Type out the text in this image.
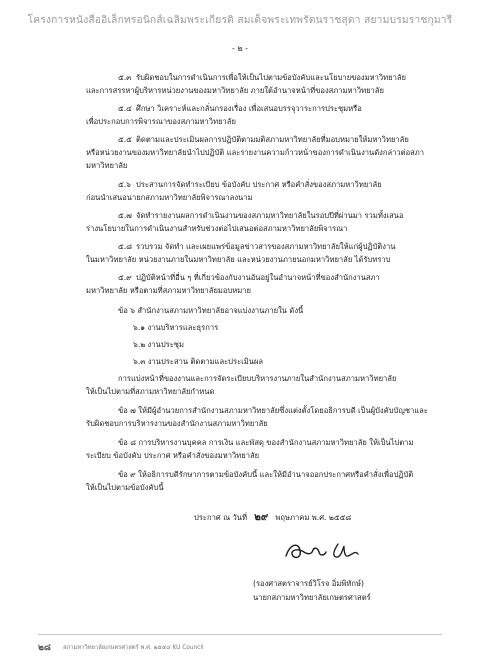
โครงการหนังสืออิเล็กทรอนิกส์เฉลิมพระเกียรติ สมเด็จพระเทพรัตนราชสุดา สยามบรมราชกุมารี
- ๒ -
๕.๓ รับผิดชอบในการดำเนินการเพื่อให้เป็นไปตามข้อบังคับและนโยบายของมหาวิทยาลัย
และการสรรหาผู้บริหารหน่วยงานของมหาวิทยาลัย ภายใต้อำนาจหน้าที่ของสภามหาวิทยาลัย
๕.๔ ศึกษา วิเคราะห์และกลั่นกรองเรื่อง เพื่อเสนอบรรจุวาระการประชุมหรือ
เพื่อประกอบการพิจารณาของสภามหาวิทยาลัย
๕.๕ ติดตามและประเมินผลการปฏิบัติตามมติสภามหาวิทยาลัยที่มอบหมายให้มหาวิทยาลัย
หรือหน่วยงานของมหาวิทยาลัยนำไปปฏิบัติ และรายงานความก้าวหน้าของการดำเนินงานดังกล่าวต่อสภา
มหาวิทยาลัย
๕.๖ ประสานการจัดทำระเบียบ ข้อบังคับ ประกาศ หรือคำสั่งของสภามหาวิทยาลัย
ก่อนนำเสนอนายกสภามหาวิทยาลัยพิจารณาลงนาม
๕.๗ จัดทำรายงานผลการดำเนินงานของสภามหาวิทยาลัยในรอบปีที่ผ่านมา รวมทั้งเสนอ
ร่างนโยบายในการดำเนินงานสำหรับช่วงต่อไปเสนอต่อสภามหาวิทยาลัยพิจารณา
๕.๘ รวบรวม จัดทำ และเผยแพร่ข้อมูลข่าวสารของสภามหาวิทยาลัยให้แก่ผู้ปฏิบัติงาน
ในมหาวิทยาลัย หน่วยงานภายในมหาวิทยาลัย และหน่วยงานภายนอกมหาวิทยาลัย ได้รับทราบ
๕.๙ ปฏิบัติหน้าที่อื่น ๆ ที่เกี่ยวข้องกับงานอันอยู่ในอำนาจหน้าที่ของสำนักงานสภา
มหาวิทยาลัย หรือตามที่สภามหาวิทยาลัยมอบหมาย
ข้อ ๖ สำนักงานสภามหาวิทยาลัยอาจแบ่งงานภายใน ดังนี้
๖.๑ งานบริหารและธุรการ
๖.๒ งานประชุม
๖.๓ งานประสาน ติดตามและประเมินผล
การแบ่งหน้าที่ของงานและการจัดระเบียบบริหารงานภายในสำนักงานสภามหาวิทยาลัย
ให้เป็นไปตามที่สภามหาวิทยาลัยกำหนด
ข้อ ๗ ให้มีผู้อำนวยการสำนักงานสภามหาวิทยาลัยซึ่งแต่งตั้งโดยอธิการบดี เป็นผู้บังคับบัญชาและ
รับผิดชอบการบริหารงานของสำนักงานสภามหาวิทยาลัย
ข้อ ๘ การบริหารงานบุคคล การเงิน และพัสดุ ของสำนักงานสภามหาวิทยาลัย ให้เป็นไปตาม
ระเบียบ ข้อบังคับ ประกาศ หรือคำสั่งของมหาวิทยาลัย
ข้อ ๙ ให้อธิการบดีรักษาการตามข้อบังคับนี้ และให้มีอำนาจออกประกาศหรือคำสั่งเพื่อปฏิบัติ
ให้เป็นไปตามข้อบังคับนี้
ประกาศ ณ วันที่ ๒๙ พฤษภาคม พ.ศ. ๒๕๕๘
(รองศาสตราจารย์วิโรจ อิ่มพิทักษ์)
นายกสภามหาวิทยาลัยเกษตรศาสตร์
๒๘ สภามหาวิทยาลัยเกษตรศาสตร์ พ.ศ. ๒๕๕๘ KU Council
